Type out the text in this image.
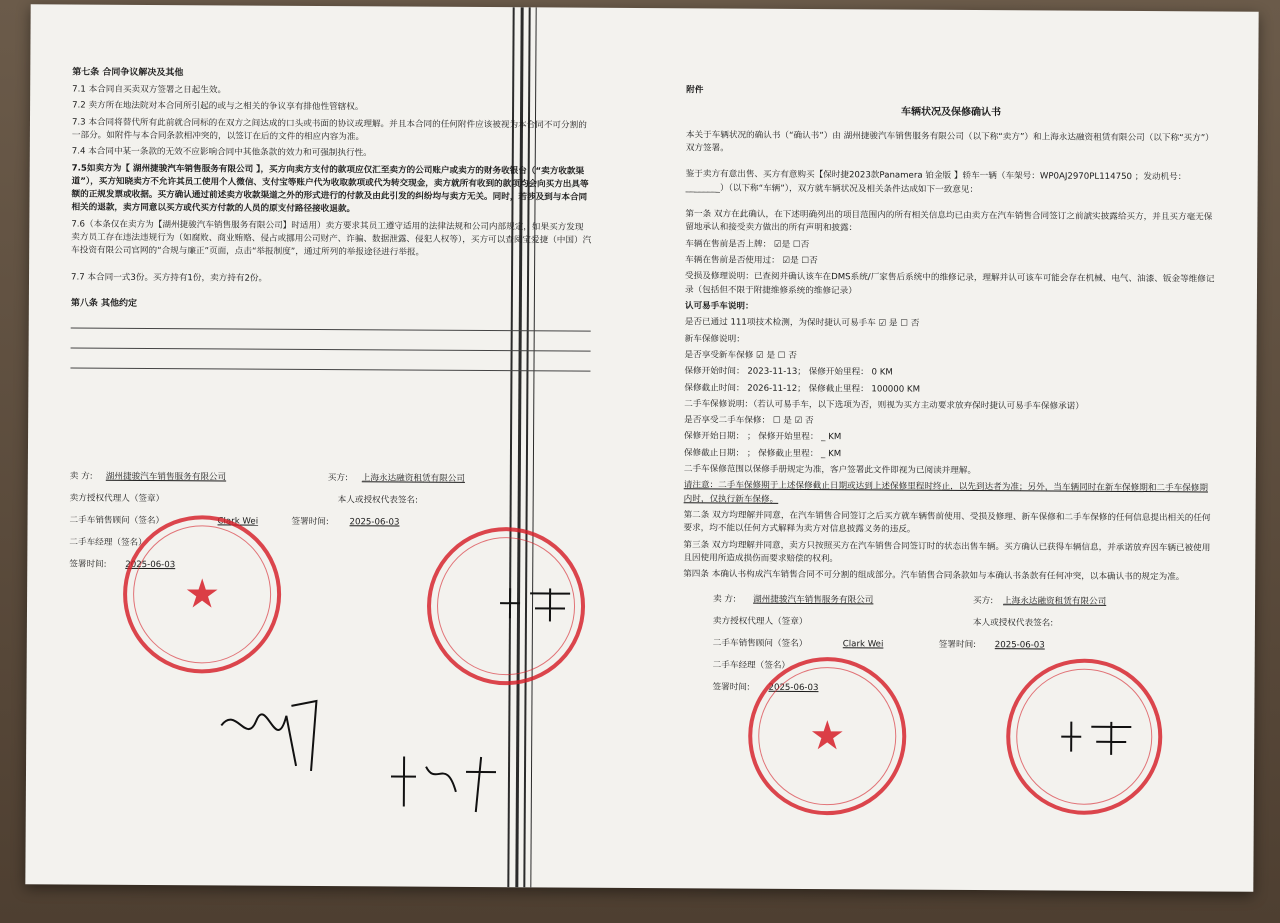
第七条 合同争议解决及其他
7.1 本合同自买卖双方签署之日起生效。
7.2 卖方所在地法院对本合同所引起的或与之相关的争议享有排他性管辖权。
7.3 本合同将替代所有此前就合同标的在双方之间达成的口头或书面的协议或理解。并且本合同的任何附件应该被视为本合同不可分割的一部分。如附件与本合同条款相冲突的，以签订在后的文件的相应内容为准。
7.4 本合同中某一条款的无效不应影响合同中其他条款的效力和可强制执行性。
7.5如卖方为【 湖州捷骏汽车销售服务有限公司 】，买方向卖方支付的款项应仅汇至卖方的公司账户或卖方的财务收银台（“卖方收款渠道”），买方知晓卖方不允许其员工使用个人微信、支付宝等账户代为收取款项或代为转交现金，卖方就所有收到的款项均会向买方出具等额的正规发票或收据。买方确认通过前述卖方收款渠道之外的形式进行的付款及由此引发的纠纷均与卖方无关。同时，若涉及到与本合同相关的退款，卖方同意以买方或代买方付款的人员的原支付路径接收退款。
7.6（本条仅在卖方为【湖州捷骏汽车销售服务有限公司】时适用）卖方要求其员工遵守适用的法律法规和公司内部规定，如果买方发现卖方员工存在违法违规行为（如腐败、商业贿赂、侵占或挪用公司财产、诈骗、数据泄露、侵犯人权等），买方可以查阅宝爱捷（中国）汽车投资有限公司官网的“合规与廉正”页面，点击“举报制度”，通过所列的举报途径进行举报。
7.7 本合同一式3份。买方持有1份，卖方持有2份。
第八条 其他约定
卖 方: 湖州捷骏汽车销售服务有限公司	买方: 上海永达融资租赁有限公司
卖方授权代理人（签章）	本人或授权代表签名:
二手车销售顾问（签名）	Clark Wei	签署时间: 2025-06-03
二手车经理（签名）
签署时间: 2025-06-03
附件
车辆状况及保修确认书
本关于车辆状况的确认书（“确认书”）由 湖州捷骏汽车销售服务有限公司（以下称“卖方”）和上海永达融资租赁有限公司（以下称“买方”）双方签署。
鉴于卖方有意出售、买方有意购买【保时捷2023款Panamera 铂金版 】轿车一辆（车架号：WP0AJ2970PL114750 ；发动机号：________）（以下称“车辆”），双方就车辆状况及相关条件达成如下一致意见：
第一条 双方在此确认，在下述明确列出的项目范围内的所有相关信息均已由卖方在汽车销售合同签订之前諕实披露给买方，并且买方毫无保留地承认和接受卖方做出的所有声明和披露：
车辆在售前是否上牌： ☑是 ☐否
车辆在售前是否使用过： ☑是 ☐否
受损及修理说明：已查阅并确认该车在DMS系统/厂家售后系统中的维修记录，理解并认可该车可能会存在机械、电气、油漆、钣金等维修记录（包括但不限于附捷维修系统的维修记录）
认可易手车说明：
是否已通过 111项技术检测，为保时捷认可易手车 ☑ 是 ☐ 否
新车保修说明：
是否享受新车保修 ☑ 是 ☐ 否
保修开始时间： 2023-11-13； 保修开始里程： 0 KM
保修截止时间： 2026-11-12； 保修截止里程： 100000 KM
二手车保修说明：（若认可易手车，以下选项为否，则视为买方主动要求放弃保时捷认可易手车保修承诺）
是否享受二手车保修： ☐ 是 ☑ 否
保修开始日期： ； 保修开始里程： _ KM
保修截止日期： ； 保修截止里程： _ KM
二手车保修范围以保修手册规定为准，客户签署此文件即视为已阅读并理解。
请注意：二手车保修期于上述保修截止日期或达到上述保修里程时终止，以先到达者为准；另外，当车辆同时在新车保修期和二手车保修期内时，仅执行新车保修。
第二条 双方均理解并同意，在汽车销售合同签订之后买方就车辆售前使用、受损及修理、新车保修和二手车保修的任何信息提出相关的任何要求，均不能以任何方式解释为卖方对信息披露义务的违反。
第三条 双方均理解并同意，卖方只按照买方在汽车销售合同签订时的状态出售车辆。买方确认已获得车辆信息，并承诺放弃因车辆已被使用且因使用所造成损伤而要求赔偿的权利。
第四条 本确认书构成汽车销售合同不可分割的组成部分。汽车销售合同条款如与本确认书条款有任何冲突，以本确认书的规定为准。
卖 方: 湖州捷骏汽车销售服务有限公司	买方: 上海永达融资租赁有限公司
卖方授权代理人（签章）	本人或授权代表签名:
二手车销售顾问（签名）	Clark Wei	签署时间: 2025-06-03
二手车经理（签名）
签署时间: 2025-06-03
★
★
